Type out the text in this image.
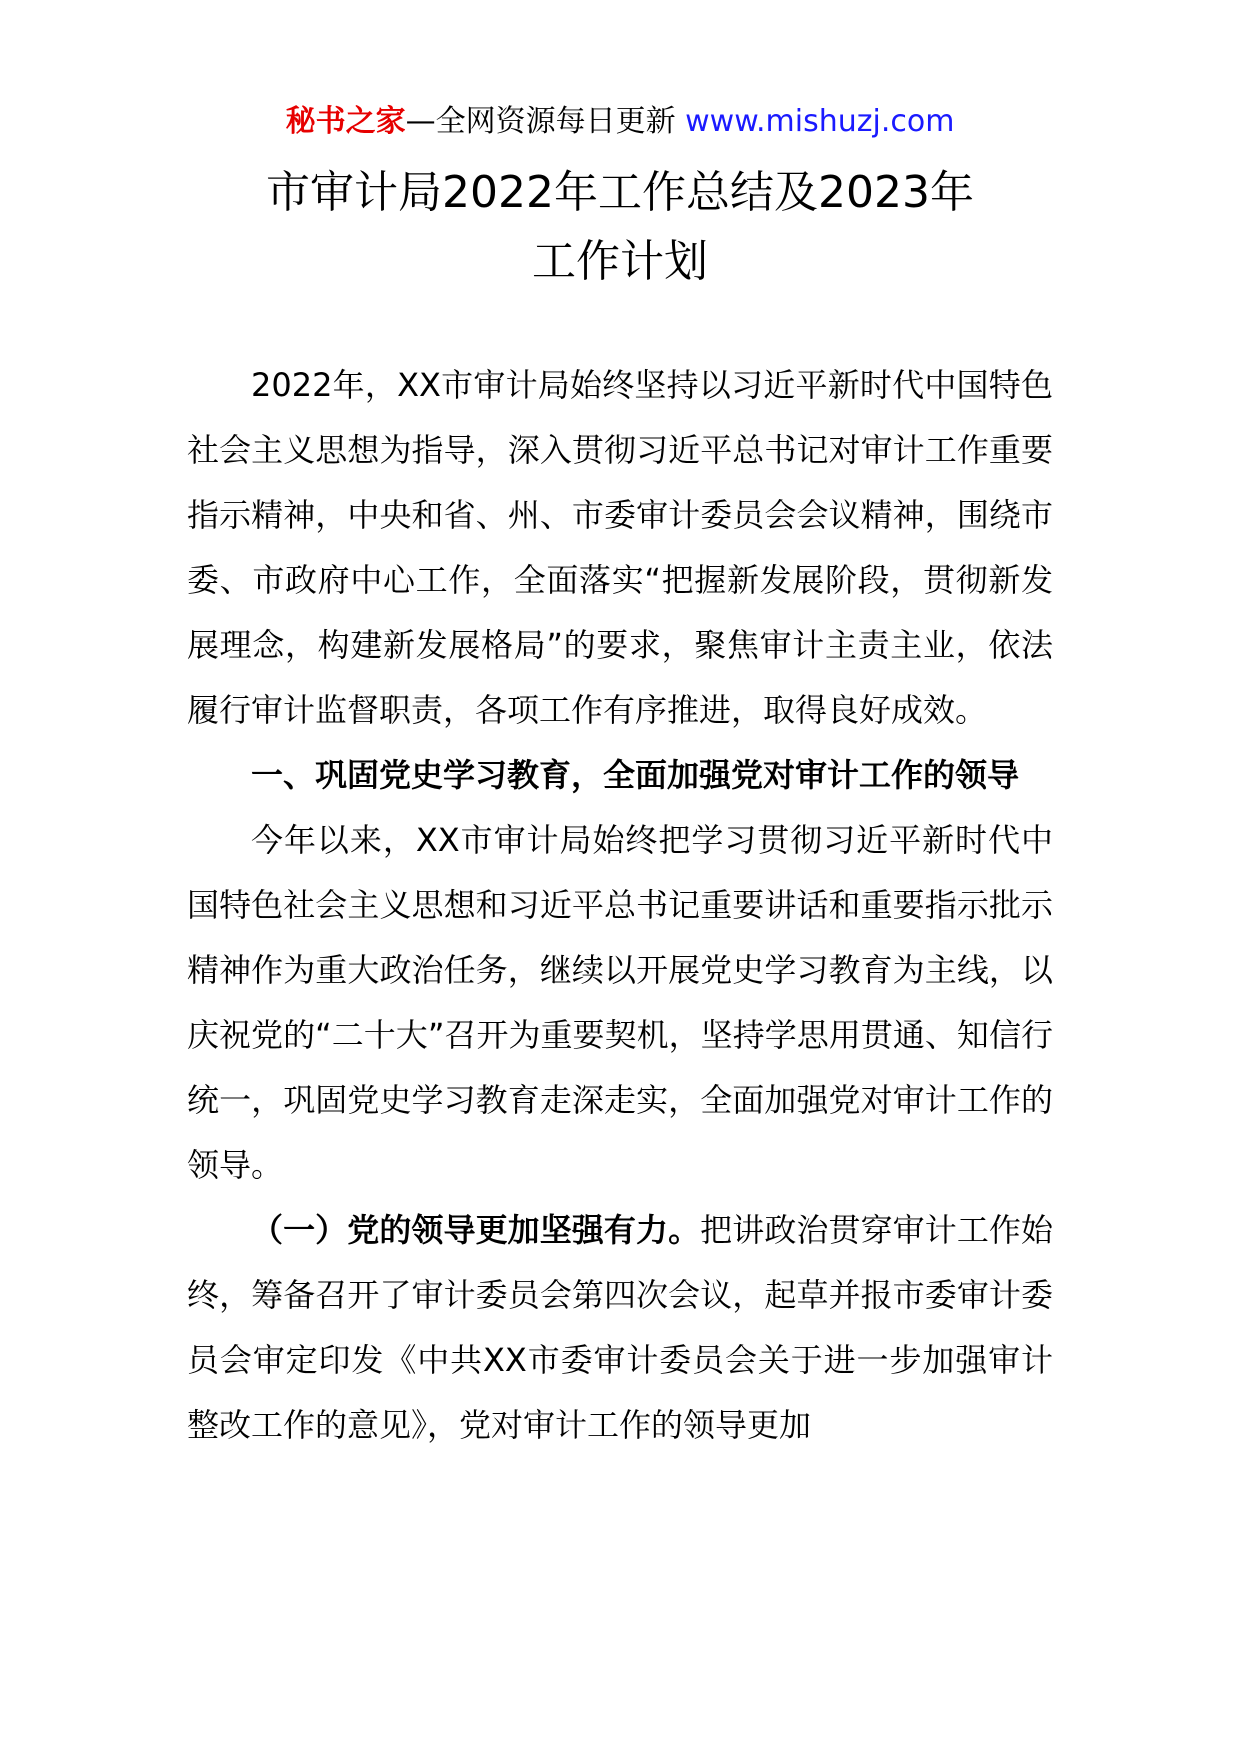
秘书之家—全网资源每日更新 www.mishuzj.com
市审计局2022年工作总结及2023年
工作计划

2022年，XX市审计局始终坚持以习近平新时代中国特色社会主义思想为指导，深入贯彻习近平总书记对审计工作重要指示精神，中央和省、州、市委审计委员会会议精神，围绕市委、市政府中心工作，全面落实“把握新发展阶段，贯彻新发展理念，构建新发展格局”的要求，聚焦审计主责主业，依法履行审计监督职责，各项工作有序推进，取得良好成效。

一、巩固党史学习教育，全面加强党对审计工作的领导

今年以来，XX市审计局始终把学习贯彻习近平新时代中国特色社会主义思想和习近平总书记重要讲话和重要指示批示精神作为重大政治任务，继续以开展党史学习教育为主线，以庆祝党的“二十大”召开为重要契机，坚持学思用贯通、知信行统一，巩固党史学习教育走深走实，全面加强党对审计工作的领导。

（一）党的领导更加坚强有力。把讲政治贯穿审计工作始终，筹备召开了审计委员会第四次会议，起草并报市委审计委员会审定印发《中共XX市委审计委员会关于进一步加强审计整改工作的意见》，党对审计工作的领导更加
